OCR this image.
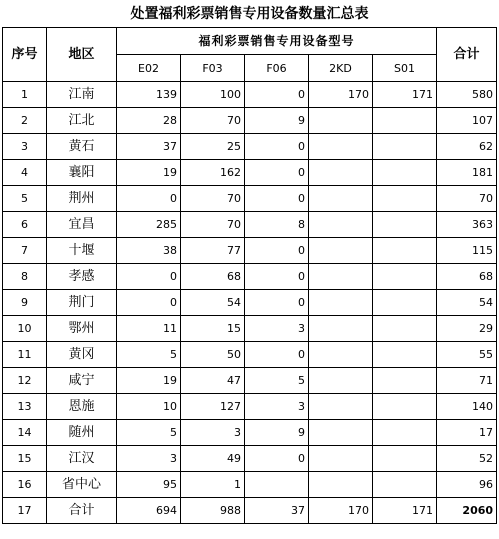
处置福利彩票销售专用设备数量汇总表
序号	地区	福利彩票销售专用设备型号					合计
		E02	F03	F06	2KD	S01	
1	江南	139	100	0	170	171	580
2	江北	28	70	9			107
3	黄石	37	25	0			62
4	襄阳	19	162	0			181
5	荆州	0	70	0			70
6	宜昌	285	70	8			363
7	十堰	38	77	0			115
8	孝感	0	68	0			68
9	荆门	0	54	0			54
10	鄂州	11	15	3			29
11	黄冈	5	50	0			55
12	咸宁	19	47	5			71
13	恩施	10	127	3			140
14	随州	5	3	9			17
15	江汉	3	49	0			52
16	省中心	95	1				96
17	合计	694	988	37	170	171	2060
